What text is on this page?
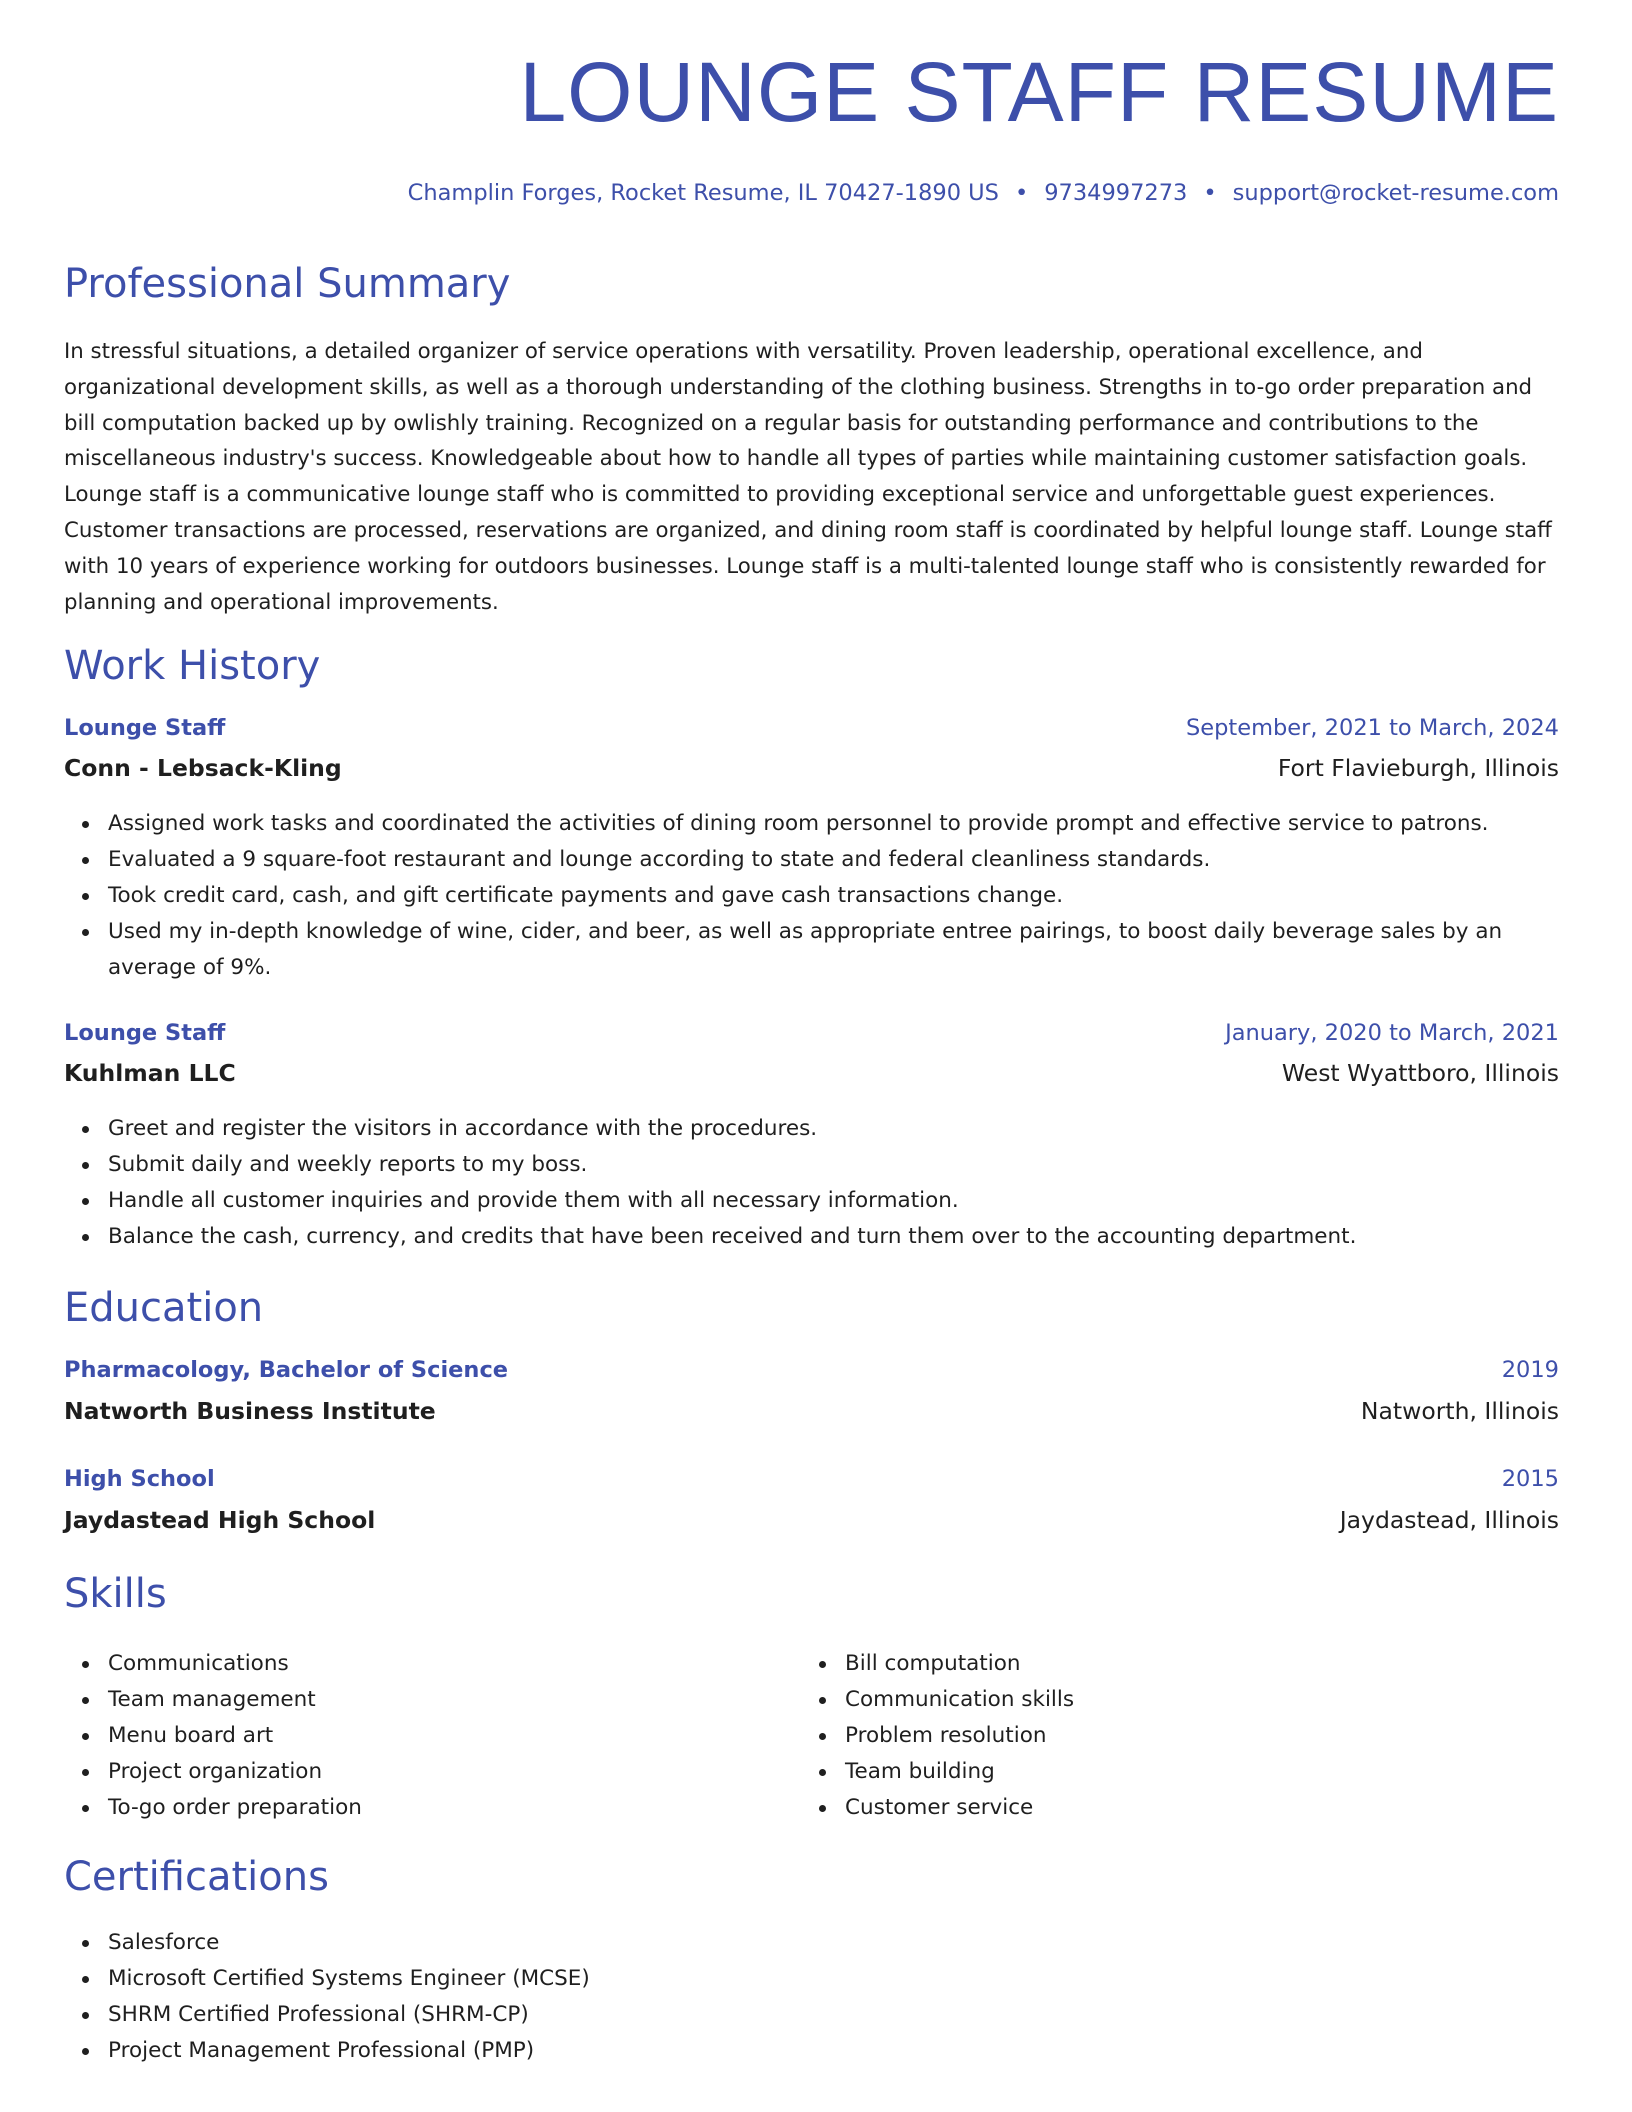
LOUNGE STAFF RESUME
Champlin Forges, Rocket Resume, IL 70427-1890 US • 9734997273 • support@rocket-resume.com
Professional Summary

In stressful situations, a detailed organizer of service operations with versatility. Proven leadership, operational excellence, and organizational development skills, as well as a thorough understanding of the clothing business. Strengths in to-go order preparation and bill computation backed up by owlishly training. Recognized on a regular basis for outstanding performance and contributions to the miscellaneous industry's success. Knowledgeable about how to handle all types of parties while maintaining customer satisfaction goals. Lounge staff is a communicative lounge staff who is committed to providing exceptional service and unforgettable guest experiences. Customer transactions are processed, reservations are organized, and dining room staff is coordinated by helpful lounge staff. Lounge staff with 10 years of experience working for outdoors businesses. Lounge staff is a multi-talented lounge staff who is consistently rewarded for planning and operational improvements.

Work History
Lounge Staff	September, 2021 to March, 2024
Conn - Lebsack-Kling	Fort Flavieburgh, Illinois
Assigned work tasks and coordinated the activities of dining room personnel to provide prompt and effective service to patrons.
Evaluated a 9 square-foot restaurant and lounge according to state and federal cleanliness standards.
Took credit card, cash, and gift certificate payments and gave cash transactions change.
Used my in-depth knowledge of wine, cider, and beer, as well as appropriate entree pairings, to boost daily beverage sales by an average of 9%.
Lounge Staff	January, 2020 to March, 2021
Kuhlman LLC	West Wyattboro, Illinois
Greet and register the visitors in accordance with the procedures.
Submit daily and weekly reports to my boss.
Handle all customer inquiries and provide them with all necessary information.
Balance the cash, currency, and credits that have been received and turn them over to the accounting department.
Education
Pharmacology, Bachelor of Science	2019
Natworth Business Institute	Natworth, Illinois
High School	2015
Jaydastead High School	Jaydastead, Illinois
Skills
Communications
Team management
Menu board art
Project organization
To-go order preparation
Bill computation
Communication skills
Problem resolution
Team building
Customer service
Certifications
Salesforce
Microsoft Certified Systems Engineer (MCSE)
SHRM Certified Professional (SHRM-CP)
Project Management Professional (PMP)
